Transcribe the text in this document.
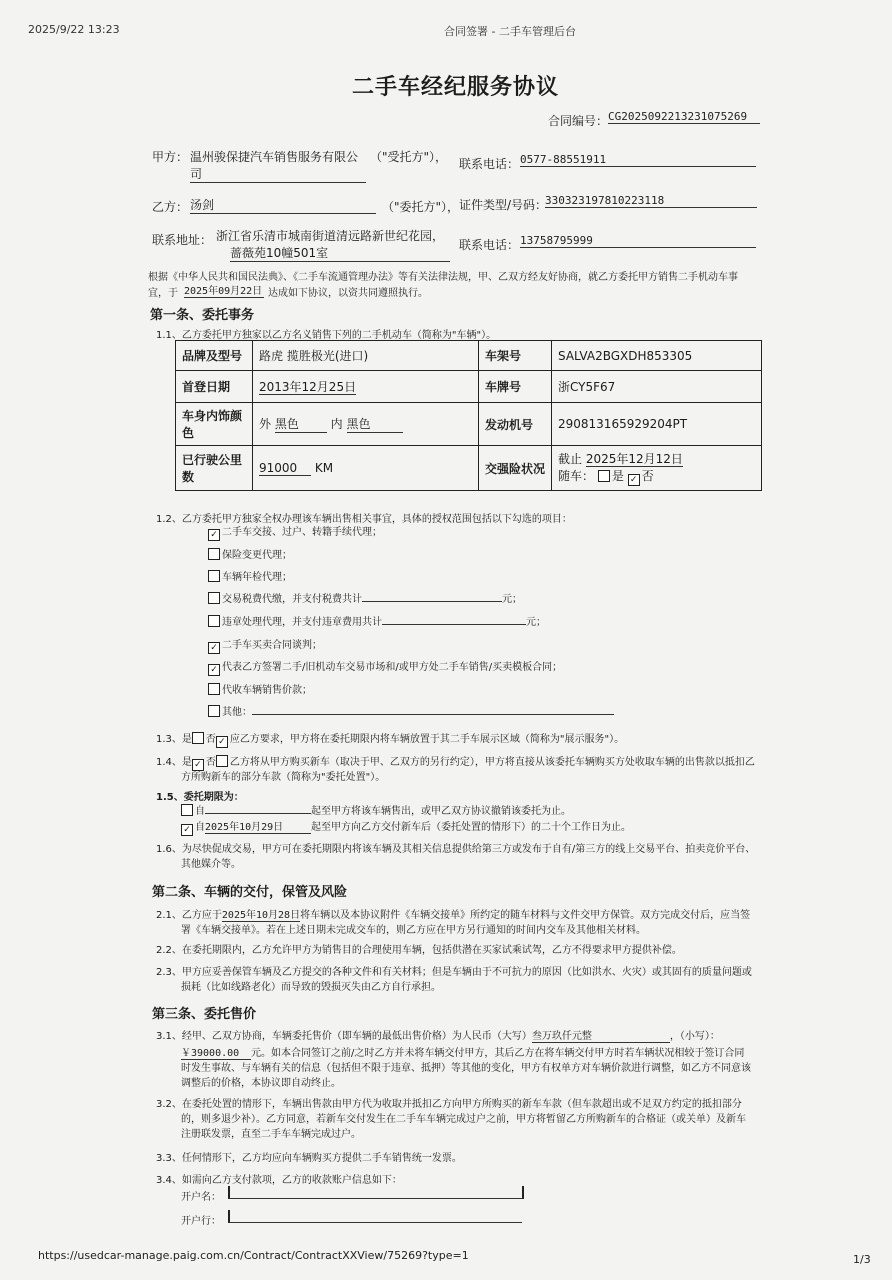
2025/9/22 13:23	合同签署 - 二手车管理后台
二手车经纪服务协议
合同编号： CG2025092213231075269
甲方： 温州骏保捷汽车销售服务有限公
司
（"受托方"）， 联系电话： 0577-88551911
乙方： 汤剑	（"委托方"）， 证件类型/号码：
330323197810223118
联系地址： 浙江省乐清市城南街道清远路新世纪花园，
蔷薇苑10幢501室
联系电话： 13758795999
根据《中华人民共和国民法典》、《二手车流通管理办法》等有关法律法规，甲、乙双方经友好协商，就乙方委托甲方销售二手机动车事
宜，于 2025年09月22日 达成如下协议，以资共同遵照执行。
第一条、委托事务
1.1、乙方委托甲方独家以乙方名义销售下列的二手机动车（简称为"车辆"）。
品牌及型号	路虎 揽胜极光(进口)	车架号	SALVA2BGXDH853305
首登日期	2013年12月25日	车牌号	浙CY5F67
车身内饰颜色	外 黑色 内 黑色	发动机号	290813165929204PT
已行驶公里数	91000 KM	交强险状况	截止 2025年12月12日
随车： 是 ✓ 否
1.2、乙方委托甲方独家全权办理该车辆出售相关事宜，具体的授权范围包括以下勾选的项目：
✓ 二手车交接、过户、转籍手续代理；
保险变更代理；
车辆年检代理；
交易税费代缴，并支付税费共计	元；
违章处理代理，并支付违章费用共计	元；
✓ 二手车买卖合同谈判；
✓ 代表乙方签署二手/旧机动车交易市场和/或甲方处二手车销售/买卖模板合同；
代收车辆销售价款；
其他：
1.3、是 否 ✓ 应乙方要求，甲方将在委托期限内将车辆放置于其二手车展示区域（简称为"展示服务"）。
1.4、是 ✓ 否 乙方将从甲方购买新车（取决于甲、乙双方的另行约定），甲方将直接从该委托车辆购买方处收取车辆的出售款以抵扣乙
方所购新车的部分车款（简称为"委托处置"）。
1.5、委托期限为：
自	起至甲方将该车辆售出，或甲乙双方协议撤销该委托为止。
✓ 自2025年10月29日	起至甲方向乙方交付新车后（委托处置的情形下）的二十个工作日为止。
1.6、为尽快促成交易，甲方可在委托期限内将该车辆及其相关信息提供给第三方或发布于自有/第三方的线上交易平台、拍卖竞价平台、
其他媒介等。
第二条、车辆的交付，保管及风险
2.1、乙方应于2025年10月28日将车辆以及本协议附件《车辆交接单》所约定的随车材料与文件交甲方保管。双方完成交付后，应当签
署《车辆交接单》。若在上述日期未完成交车的，则乙方应在甲方另行通知的时间内交车及其他相关材料。
2.2、在委托期限内，乙方允许甲方为销售目的合理使用车辆，包括供潜在买家试乘试驾，乙方不得要求甲方提供补偿。
2.3、甲方应妥善保管车辆及乙方提交的各种文件和有关材料；但是车辆由于不可抗力的原因（比如洪水、火灾）或其固有的质量问题或
损耗（比如线路老化）而导致的毁损灭失由乙方自行承担。
第三条、委托售价
3.1、经甲、乙双方协商，车辆委托售价（即车辆的最低出售价格）为人民币（大写）叁万玖仟元整	，（小写）：
￥39000.00 元。如本合同签订之前/之时乙方并未将车辆交付甲方，其后乙方在将车辆交付甲方时若车辆状况相较于签订合同
时发生事故、与车辆有关的信息（包括但不限于违章、抵押）等其他的变化，甲方有权单方对车辆价款进行调整，如乙方不同意该
调整后的价格，本协议即自动终止。
3.2、在委托处置的情形下，车辆出售款由甲方代为收取并抵扣乙方向甲方所购买的新车车款（但车款超出或不足双方约定的抵扣部分
的，则多退少补）。乙方同意，若新车交付发生在二手车车辆完成过户之前，甲方将暂留乙方所购新车的合格证（或关单）及新车
注册联发票，直至二手车车辆完成过户。
3.3、任何情形下，乙方均应向车辆购买方提供二手车销售统一发票。
3.4、如需向乙方支付款项，乙方的收款账户信息如下：
开户名：
开户行：
https://usedcar-manage.paig.com.cn/Contract/ContractXXView/75269?type=1	1/3
